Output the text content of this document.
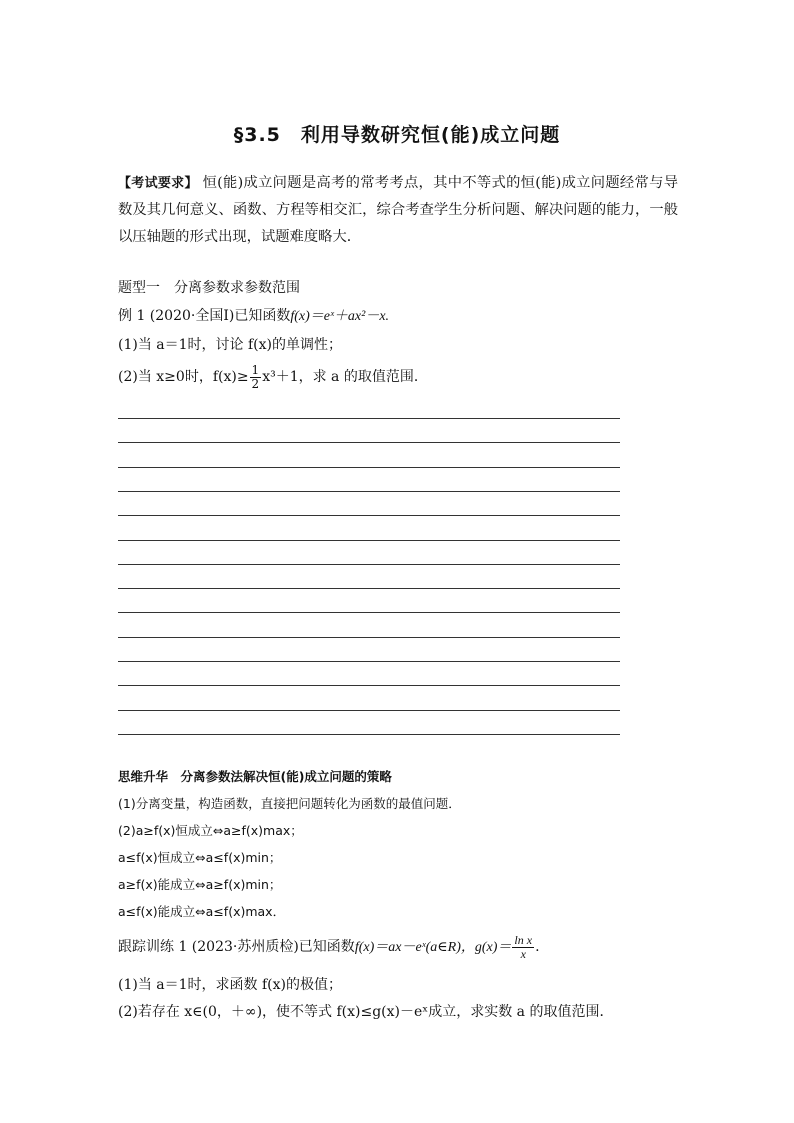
§3.5　利用导数研究恒(能)成立问题
【考试要求】 恒(能)成立问题是高考的常考考点，其中不等式的恒(能)成立问题经常与导数及其几何意义、函数、方程等相交汇，综合考查学生分析问题、解决问题的能力，一般以压轴题的形式出现，试题难度略大．
题型一　分离参数求参数范围
例 1 (2020·全国Ⅰ)已知函数f(x)＝eˣ＋ax²－x.
(1)当 a＝1时，讨论 f(x)的单调性；
(2)当 x≥0时，$f(x)\ge \frac{1}{2} x^3+1$，求 a 的取值范围．
思维升华　分离参数法解决恒(能)成立问题的策略
(1)分离变量，构造函数，直接把问题转化为函数的最值问题．
(2)a≥f(x)恒成立⇔a≥f(x)max；
a≤f(x)恒成立⇔a≤f(x)min；
a≥f(x)能成立⇔a≥f(x)min；
a≤f(x)能成立⇔a≤f(x)max．
跟踪训练 1 (2023·苏州质检)已知函数f(x)＝ax－eˣ(a∈R)，$g(x)= \frac{\text{ln x}}{x}$ .
(1)当 a＝1时，求函数 f(x)的极值；
(2)若存在 x∈(0，＋∞)，使不等式 f(x)≤g(x)－eˣ成立，求实数 a 的取值范围．
